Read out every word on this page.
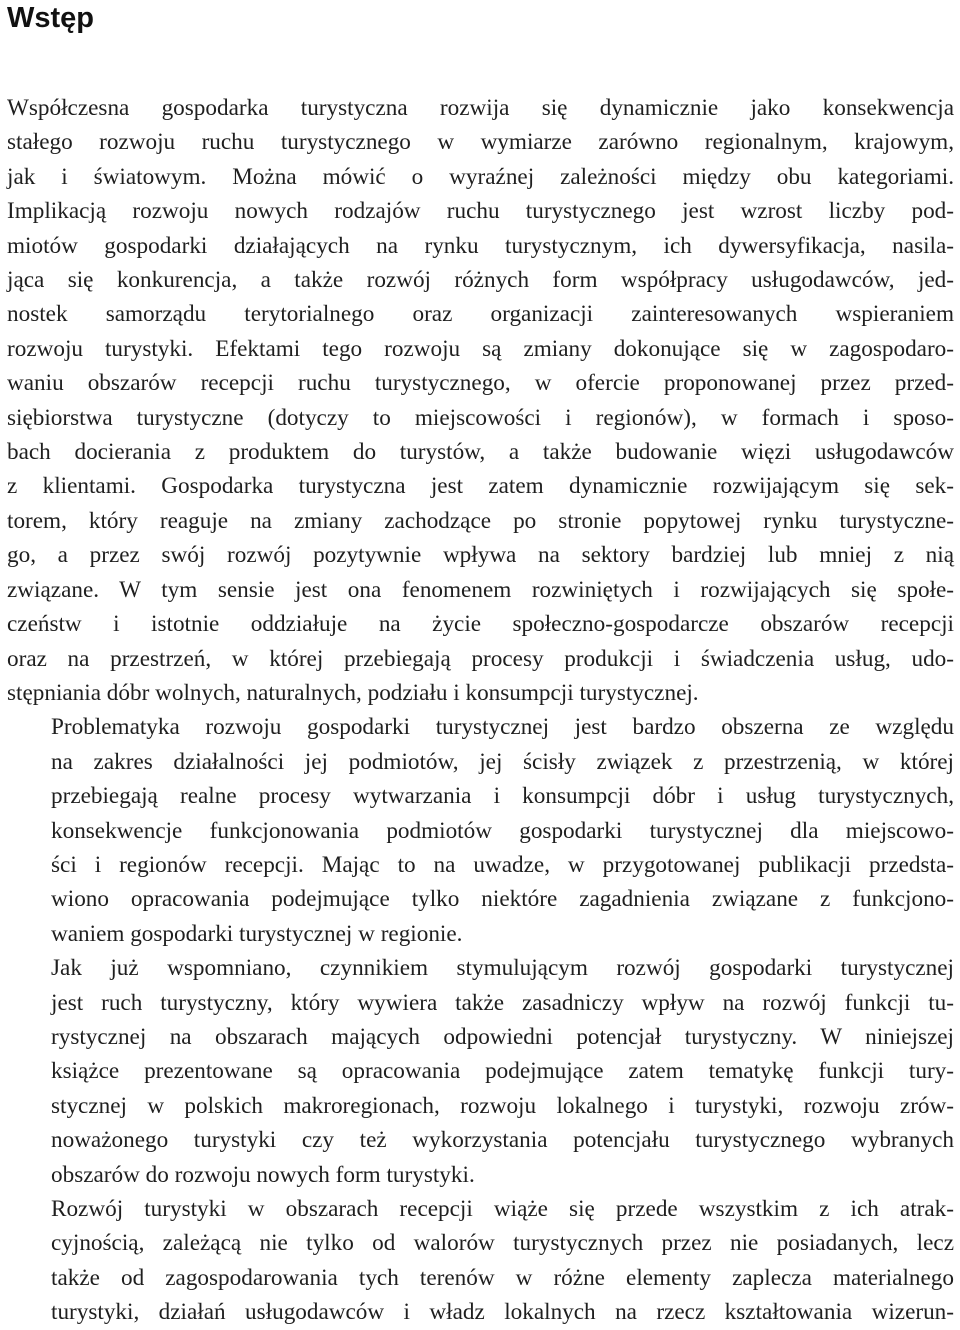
Wstęp

Współczesna gospodarka turystyczna rozwija się dynamicznie jako konsekwencja
stałego rozwoju ruchu turystycznego w wymiarze zarówno regionalnym, krajowym,
jak i światowym. Można mówić o wyraźnej zależności między obu kategoriami.
Implikacją rozwoju nowych rodzajów ruchu turystycznego jest wzrost liczby pod-
miotów gospodarki działających na rynku turystycznym, ich dywersyfikacja, nasila-
jąca się konkurencja, a także rozwój różnych form współpracy usługodawców, jed-
nostek samorządu terytorialnego oraz organizacji zainteresowanych wspieraniem
rozwoju turystyki. Efektami tego rozwoju są zmiany dokonujące się w zagospodaro-
waniu obszarów recepcji ruchu turystycznego, w ofercie proponowanej przez przed-
siębiorstwa turystyczne (dotyczy to miejscowości i regionów), w formach i sposo-
bach docierania z produktem do turystów, a także budowanie więzi usługodawców
z klientami. Gospodarka turystyczna jest zatem dynamicznie rozwijającym się sek-
torem, który reaguje na zmiany zachodzące po stronie popytowej rynku turystyczne-
go, a przez swój rozwój pozytywnie wpływa na sektory bardziej lub mniej z nią
związane. W tym sensie jest ona fenomenem rozwiniętych i rozwijających się społe-
czeństw i istotnie oddziałuje na życie społeczno-gospodarcze obszarów recepcji
oraz na przestrzeń, w której przebiegają procesy produkcji i świadczenia usług, udo-
stępniania dóbr wolnych, naturalnych, podziału i konsumpcji turystycznej.

Problematyka rozwoju gospodarki turystycznej jest bardzo obszerna ze względu
na zakres działalności jej podmiotów, jej ścisły związek z przestrzenią, w której
przebiegają realne procesy wytwarzania i konsumpcji dóbr i usług turystycznych,
konsekwencje funkcjonowania podmiotów gospodarki turystycznej dla miejscowo-
ści i regionów recepcji. Mając to na uwadze, w przygotowanej publikacji przedsta-
wiono opracowania podejmujące tylko niektóre zagadnienia związane z funkcjono-
waniem gospodarki turystycznej w regionie.

Jak już wspomniano, czynnikiem stymulującym rozwój gospodarki turystycznej
jest ruch turystyczny, który wywiera także zasadniczy wpływ na rozwój funkcji tu-
rystycznej na obszarach mających odpowiedni potencjał turystyczny. W niniejszej
książce prezentowane są opracowania podejmujące zatem tematykę funkcji tury-
stycznej w polskich makroregionach, rozwoju lokalnego i turystyki, rozwoju zrów-
noważonego turystyki czy też wykorzystania potencjału turystycznego wybranych
obszarów do rozwoju nowych form turystyki.

Rozwój turystyki w obszarach recepcji wiąże się przede wszystkim z ich atrak-
cyjnością, zależącą nie tylko od walorów turystycznych przez nie posiadanych, lecz
także od zagospodarowania tych terenów w różne elementy zaplecza materialnego
turystyki, działań usługodawców i władz lokalnych na rzecz kształtowania wizerun-
